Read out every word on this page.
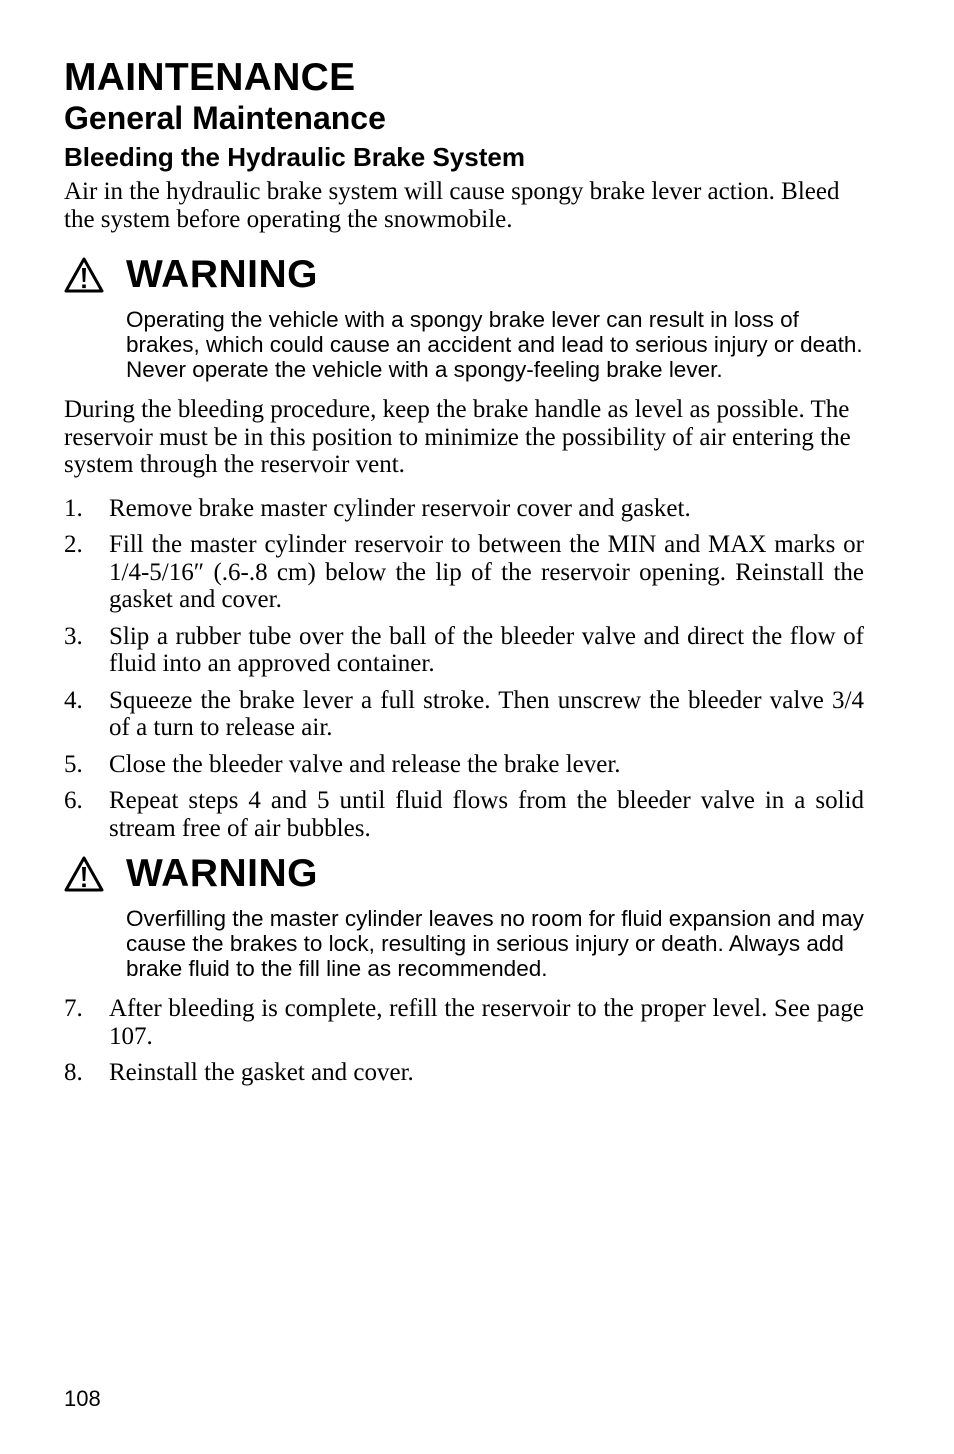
MAINTENANCE
General Maintenance
Bleeding the Hydraulic Brake System

Air in the hydraulic brake system will cause spongy brake lever action. Bleed the system before operating the snowmobile.

WARNING

Operating the vehicle with a spongy brake lever can result in loss of brakes, which could cause an accident and lead to serious injury or death. Never operate the vehicle with a spongy-feeling brake lever.

During the bleeding procedure, keep the brake handle as level as possible. The reservoir must be in this position to minimize the possibility of air entering the system through the reservoir vent.

1.	Remove brake master cylinder reservoir cover and gasket.
2.	Fill the master cylinder reservoir to between the MIN and MAX marks or 1/4-5/16″ (.6-.8 cm) below the lip of the reservoir opening. Reinstall the gasket and cover.
3.	Slip a rubber tube over the ball of the bleeder valve and direct the flow of fluid into an approved container.
4.	Squeeze the brake lever a full stroke. Then unscrew the bleeder valve 3/4 of a turn to release air.
5.	Close the bleeder valve and release the brake lever.
6.	Repeat steps 4 and 5 until fluid flows from the bleeder valve in a solid stream free of air bubbles.
WARNING

Overfilling the master cylinder leaves no room for fluid expansion and may cause the brakes to lock, resulting in serious injury or death. Always add brake fluid to the fill line as recommended.

7.	After bleeding is complete, refill the reservoir to the proper level. See page 107.
8.	Reinstall the gasket and cover.
108
